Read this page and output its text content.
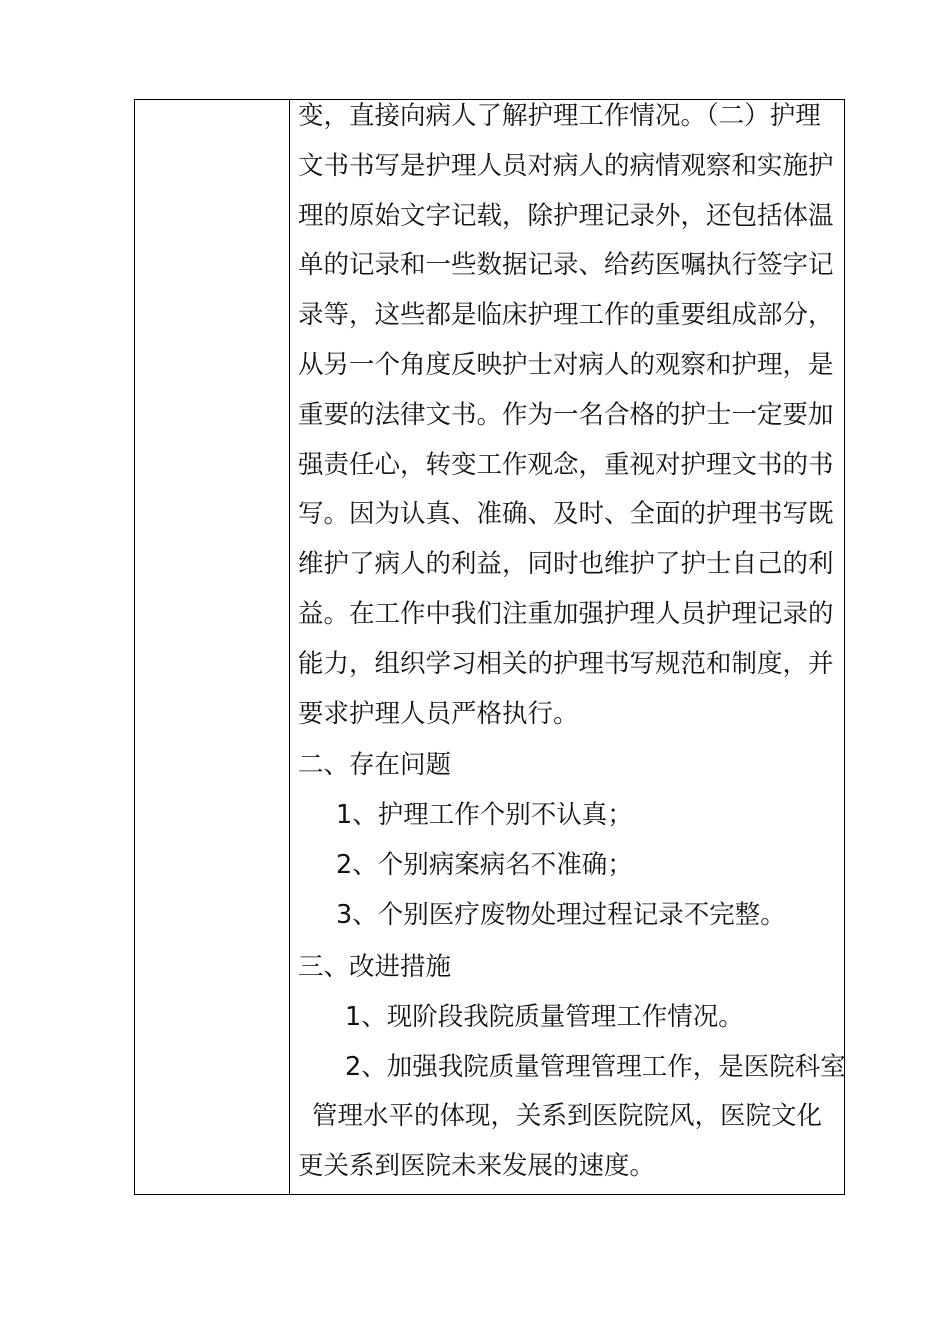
变，直接向病人了解护理工作情况。（二）护理
文书书写是护理人员对病人的病情观察和实施护
理的原始文字记载，除护理记录外，还包括体温
单的记录和一些数据记录、给药医嘱执行签字记
录等，这些都是临床护理工作的重要组成部分，
从另一个角度反映护士对病人的观察和护理，是
重要的法律文书。作为一名合格的护士一定要加
强责任心，转变工作观念，重视对护理文书的书
写。因为认真、准确、及时、全面的护理书写既
维护了病人的利益，同时也维护了护士自己的利
益。在工作中我们注重加强护理人员护理记录的
能力，组织学习相关的护理书写规范和制度，并
要求护理人员严格执行。
二、存在问题
1、护理工作个别不认真；
2、个别病案病名不准确；
3、个别医疗废物处理过程记录不完整。
三、改进措施
1、现阶段我院质量管理工作情况。
2、加强我院质量管理管理工作，是医院科室
管理水平的体现，关系到医院院风，医院文化
更关系到医院未来发展的速度。
